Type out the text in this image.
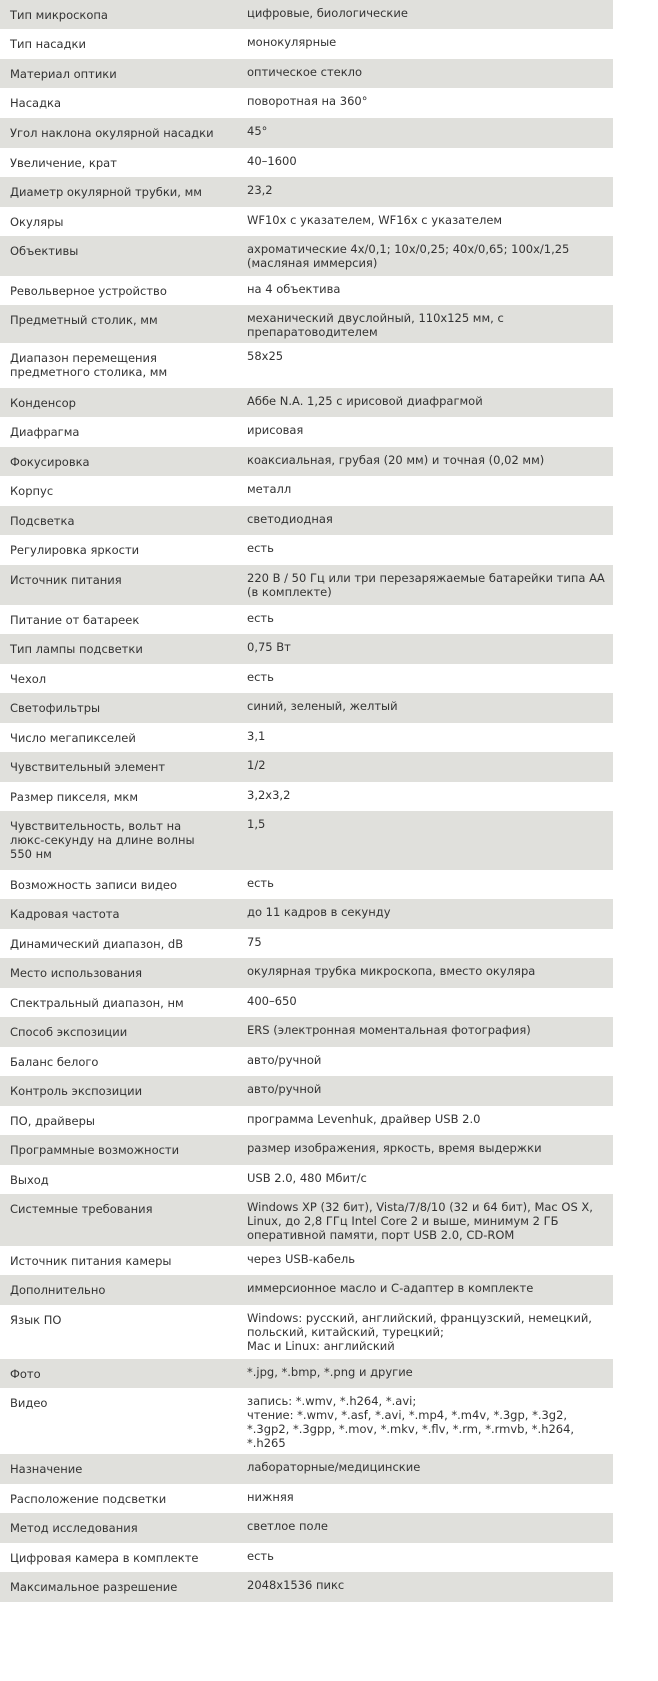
Тип микроскопа	цифровые, биологические
Тип насадки	монокулярные
Материал оптики	оптическое стекло
Насадка	поворотная на 360°
Угол наклона окулярной насадки	45°
Увеличение, крат	40–1600
Диаметр окулярной трубки, мм	23,2
Окуляры	WF10x с указателем, WF16x с указателем
Объективы	ахроматические 4х/0,1; 10х/0,25; 40х/0,65; 100х/1,25 (масляная иммерсия)
Револьверное устройство	на 4 объектива
Предметный столик, мм	механический двуслойный, 110х125 мм, с препаратоводителем
Диапазон перемещения
предметного столика, мм	58х25
Конденсор	Аббе N.A. 1,25 с ирисовой диафрагмой
Диафрагма	ирисовая
Фокусировка	коаксиальная, грубая (20 мм) и точная (0,02 мм)
Корпус	металл
Подсветка	светодиодная
Регулировка яркости	есть
Источник питания	220 В / 50 Гц или три перезаряжаемые батарейки типа АА (в комплекте)
Питание от батареек	есть
Тип лампы подсветки	0,75 Вт
Чехол	есть
Светофильтры	синий, зеленый, желтый
Число мегапикселей	3,1
Чувствительный элемент	1/2
Размер пикселя, мкм	3,2х3,2
Чувствительность, вольт на
люкс-секунду на длине волны
550 нм	1,5
Возможность записи видео	есть
Кадровая частота	до 11 кадров в секунду
Динамический диапазон, dB	75
Место использования	окулярная трубка микроскопа, вместо окуляра
Спектральный диапазон, нм	400–650
Способ экспозиции	ERS (электронная моментальная фотография)
Баланс белого	авто/ручной
Контроль экспозиции	авто/ручной
ПО, драйверы	программа Levenhuk, драйвер USB 2.0
Программные возможности	размер изображения, яркость, время выдержки
Выход	USB 2.0, 480 Мбит/с
Системные требования	Windows XP (32 бит), Vista/7/8/10 (32 и 64 бит), Mac OS X, Linux, до 2,8 ГГц Intel Core 2 и выше, минимум 2 ГБ оперативной памяти, порт USB 2.0, CD-ROM
Источник питания камеры	через USB-кабель
Дополнительно	иммерсионное масло и С-адаптер в комплекте
Язык ПО	Windows: русский, английский, французский, немецкий, польский, китайский, турецкий;
Mac и Linux: английский
Фото	*.jpg, *.bmp, *.png и другие
Видео	запись: *.wmv, *.h264, *.avi;
чтение: *.wmv, *.asf, *.avi, *.mp4, *.m4v, *.3gp, *.3g2, *.3gp2, *.3gpp, *.mov, *.mkv, *.flv, *.rm, *.rmvb, *.h264, *.h265
Назначение	лабораторные/медицинские
Расположение подсветки	нижняя
Метод исследования	светлое поле
Цифровая камера в комплекте	есть
Максимальное разрешение	2048x1536 пикс
